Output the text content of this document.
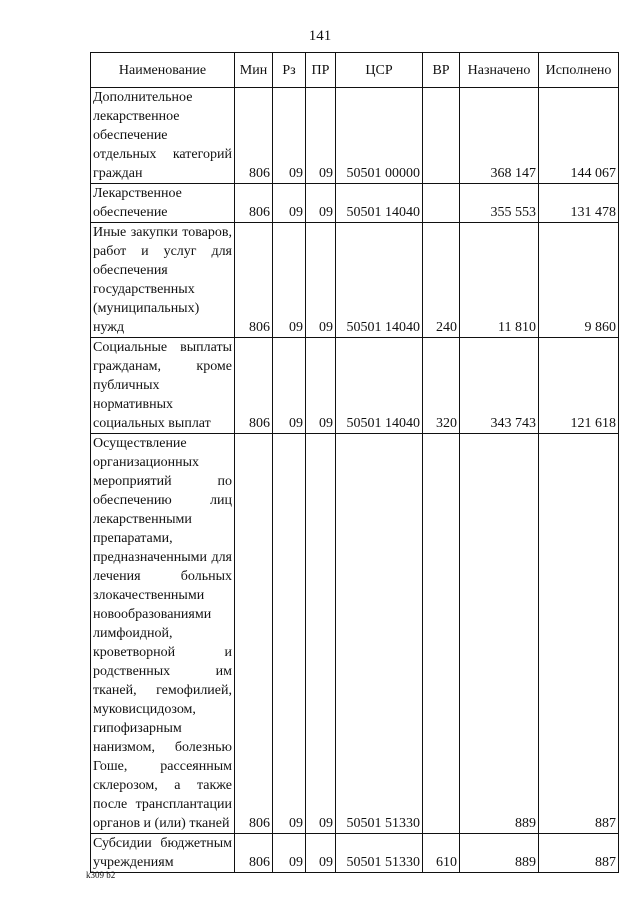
141
Наименование	Мин	Рз	ПР	ЦСР	ВР	Назначено	Исполнено
Дополнительное лекарственное обеспечение отдельных категорий граждан	806	09	09	50501 00000		368 147	144 067
Лекарственное обеспечение	806	09	09	50501 14040		355 553	131 478
Иные закупки товаров, работ и услуг для обеспечения государственных (муниципальных) нужд	806	09	09	50501 14040	240	11 810	9 860
Социальные выплаты гражданам, кроме публичных нормативных социальных выплат	806	09	09	50501 14040	320	343 743	121 618
Осуществление организационных мероприятий по обеспечению лиц лекарственными препаратами, предназначенными для лечения больных злокачественными новообразованиями лимфоидной, кроветворной и родственных им тканей, гемофилией, муковисцидозом, гипофизарным нанизмом, болезнью Гоше, рассеянным склерозом, а также после трансплантации органов и (или) тканей	806	09	09	50501 51330		889	887
Субсидии бюджетным учреждениям	806	09	09	50501 51330	610	889	887
k309 b2
